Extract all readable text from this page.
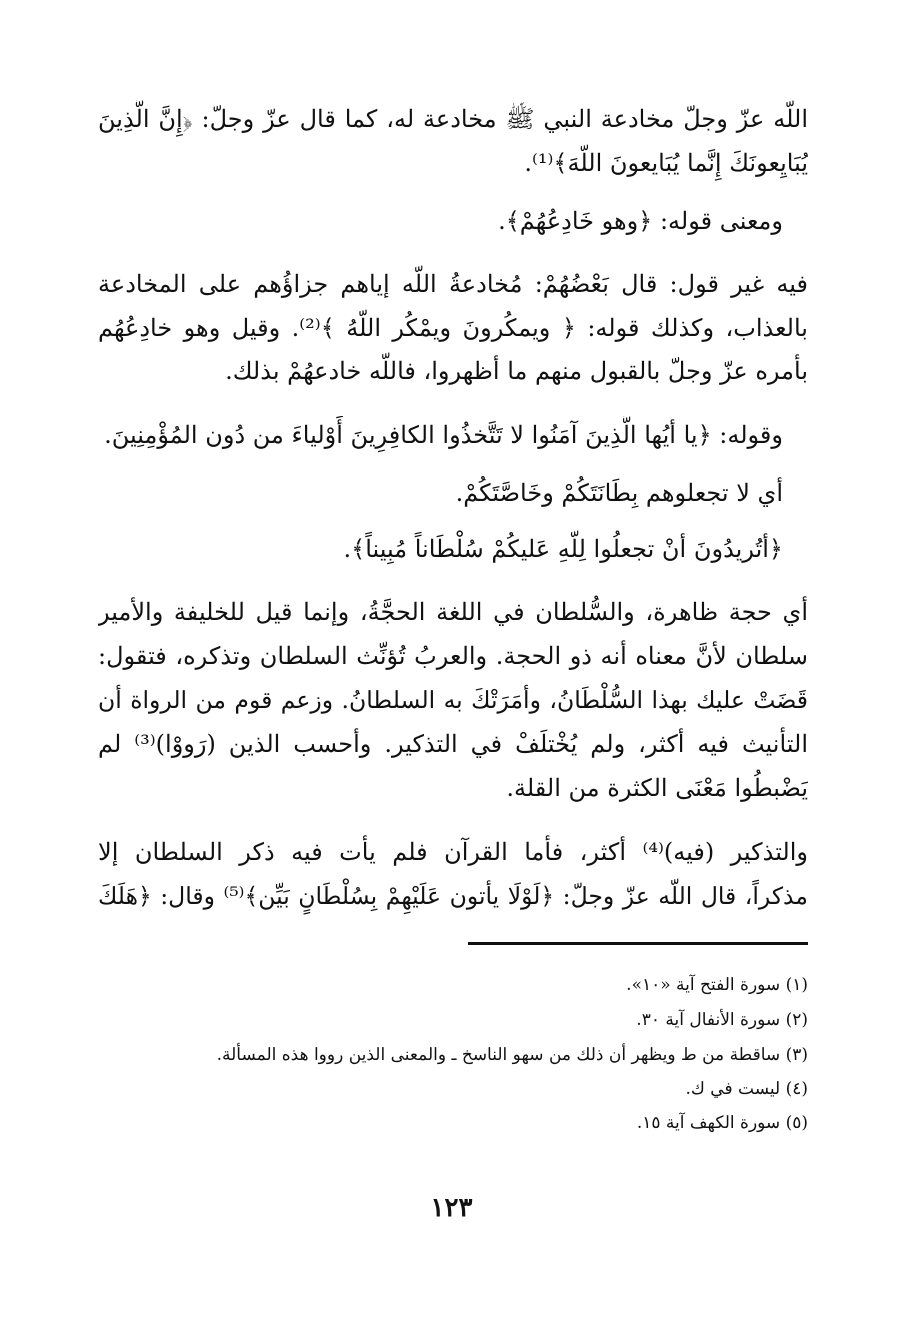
اللّه عزّ وجلّ مخادعة النبي ﷺ مخادعة له، كما قال عزّ وجلّ: ﴿إِنَّ الَّذِينَ

يُبَايِعونَكَ إِنَّما يُبَايعونَ اللّهَ﴾⁽¹⁾.

ومعنى قوله: ﴿وهو خَادِعُهُمْ﴾.

فيه غير قول: قال بَعْضُهُمْ: مُخادعةُ اللّه إياهم جزاؤُهم على المخادعة

بالعذاب، وكذلك قوله: ﴿ ويمكُرونَ ويمْكُر اللّهُ ﴾⁽²⁾. وقيل وهو خادِعُهُم

بأمره عزّ وجلّ بالقبول منهم ما أظهروا، فاللّه خادعهُمْ بذلك.

وقوله: ﴿يا أيُها الَّذِينَ آمَنُوا لا تَتَّخذُوا الكافِرِينَ أَوْلياءَ من دُون المُؤْمِنِينَ.

أي لا تجعلوهم بِطَانَتَكُمْ وخَاصَّتَكُمْ.

﴿أتُريدُونَ أنْ تجعلُوا لِلّهِ عَليكُمْ سُلْطَاناً مُبِيناً﴾.

أي حجة ظاهرة، والسُّلطان في اللغة الحجَّةُ، وإنما قيل للخليفة والأمير

سلطان لأنَّ معناه أنه ذو الحجة. والعربُ تُؤنِّث السلطان وتذكره، فتقول:

قَضَتْ عليك بهذا السُّلْطَانُ، وأمَرَتْكَ به السلطانُ. وزعم قوم من الرواة أن

التأنيث فيه أكثر، ولم يُخْتلَفْ في التذكير. وأحسب الذين (رَووْا)⁽³⁾ لم

يَضْبطُوا مَعْنَى الكثرة من القلة.

والتذكير (فيه)⁽⁴⁾ أكثر، فأما القرآن فلم يأت فيه ذكر السلطان إلا

مذكراً، قال اللّه عزّ وجلّ: ﴿لَوْلَا يأتون عَلَيْهِمْ بِسُلْطَانٍ بَيِّن﴾⁽⁵⁾ وقال: ﴿هَلَكَ

(١) سورة الفتح آية «١٠».

(٢) سورة الأنفال آية ٣٠.

(٣) ساقطة من ط ويظهر أن ذلك من سهو الناسخ ـ والمعنى الذين رووا هذه المسألة.

(٤) ليست في ك.

(٥) سورة الكهف آية ١٥.

١٢٣
